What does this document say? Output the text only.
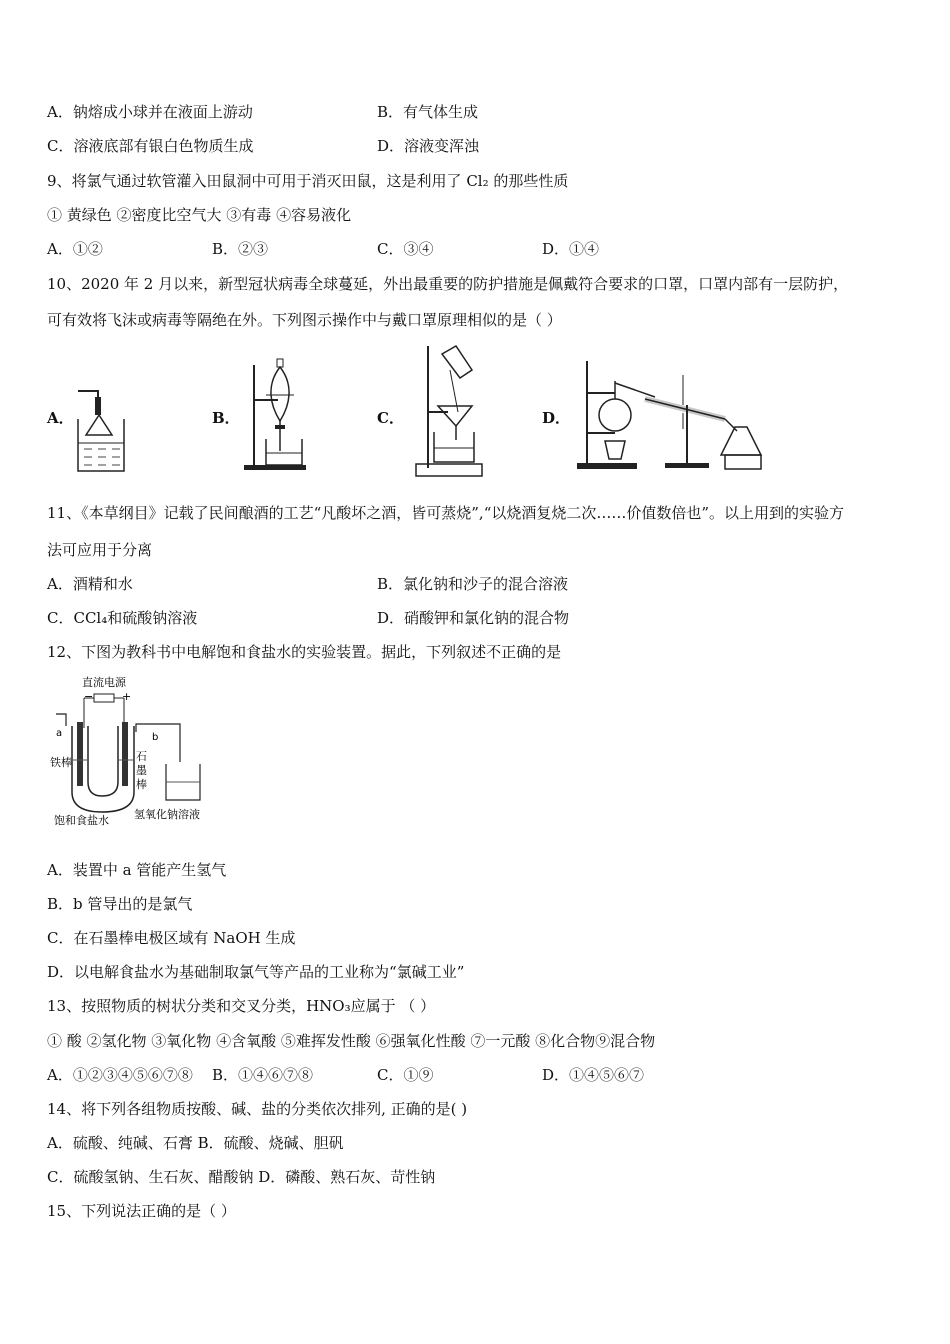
A．钠熔成小球并在液面上游动	B．有气体生成
C．溶液底部有银白色物质生成	D．溶液变浑浊
9、将氯气通过软管灌入田鼠洞中可用于消灭田鼠，这是利用了 Cl₂ 的那些性质
① 黄绿色 ②密度比空气大 ③有毒 ④容易液化
A．①②	B．②③	C．③④	D．①④
10、2020 年 2 月以来，新型冠状病毒全球蔓延，外出最重要的防护措施是佩戴符合要求的口罩，口罩内部有一层防护，
可有效将飞沫或病毒等隔绝在外。下列图示操作中与戴口罩原理相似的是（ ）
A．	B．	C．	D．
11、《本草纲目》记载了民间酿酒的工艺“凡酸坏之酒，皆可蒸烧”,“以烧酒复烧二次……价值数倍也”。以上用到的实验方
法可应用于分离
A．酒精和水	B．氯化钠和沙子的混合溶液
C．CCl₄和硫酸钠溶液	D．硝酸钾和氯化钠的混合物
12、下图为教科书中电解饱和食盐水的实验装置。据此，下列叙述不正确的是
直流电源
−	+
a	b
铁棒	石
墨
棒
饱和食盐水 氢氧化钠溶液
A．装置中 a 管能产生氢气
B．b 管导出的是氯气
C．在石墨棒电极区域有 NaOH 生成
D．以电解食盐水为基础制取氯气等产品的工业称为“氯碱工业”
13、按照物质的树状分类和交叉分类，HNO₃应属于 （ ）
① 酸 ②氢化物 ③氧化物 ④含氧酸 ⑤难挥发性酸 ⑥强氧化性酸 ⑦一元酸 ⑧化合物⑨混合物
A．①②③④⑤⑥⑦⑧ B．①④⑥⑦⑧	C．①⑨	D．①④⑤⑥⑦
14、将下列各组物质按酸、碱、盐的分类依次排列, 正确的是( )
A．硫酸、纯碱、石膏 B．硫酸、烧碱、胆矾
C．硫酸氢钠、生石灰、醋酸钠 D．磷酸、熟石灰、苛性钠
15、下列说法正确的是（ ）
